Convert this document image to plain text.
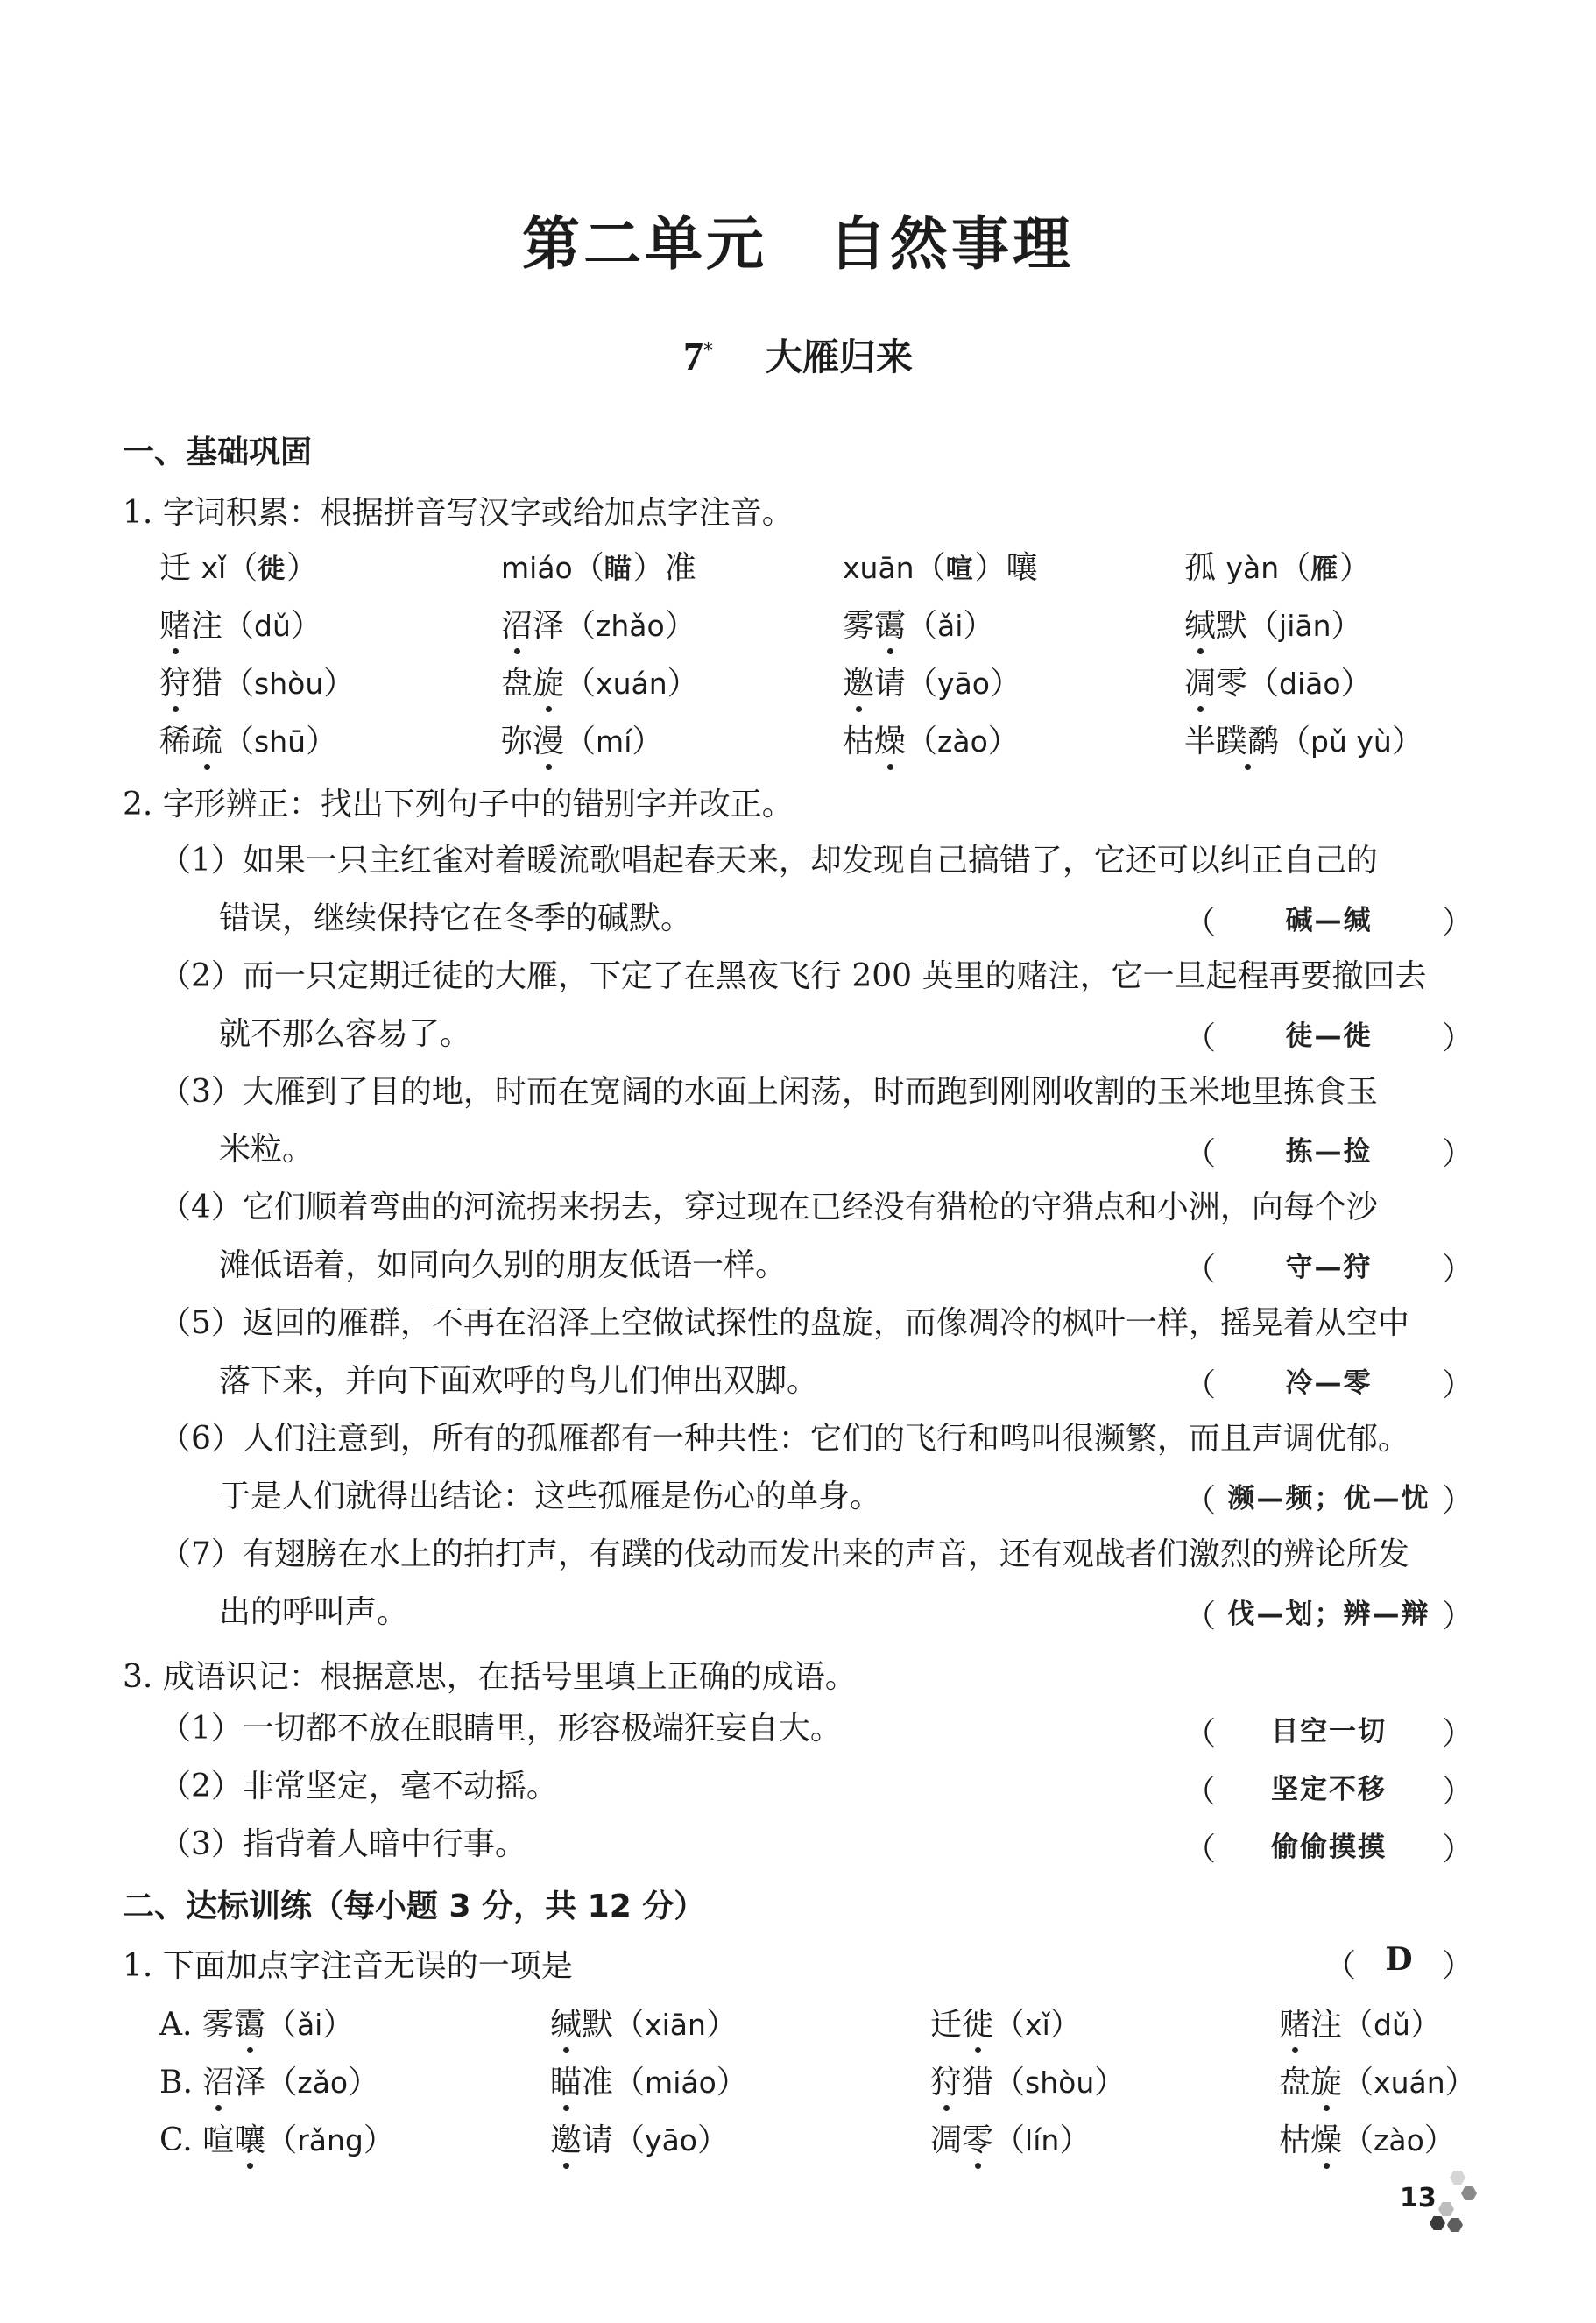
第二单元 自然事理
7* 大雁归来
一、基础巩固
1. 字词积累：根据拼音写汉字或给加点字注音。
迁 xǐ（徙）	miáo（瞄）准	xuān（喧）嚷	孤 yàn（雁）
赌注（dǔ）	沼泽（zhǎo）	雾霭（ǎi）	缄默（jiān）
狩猎（shòu）	盘旋（xuán）	邀请（yāo）	凋零（diāo）
稀疏（shū）	弥漫（mí）	枯燥（zào）	半蹼鹬（pǔ yù）
2. 字形辨正：找出下列句子中的错别字并改正。
（1）如果一只主红雀对着暖流歌唱起春天来，却发现自己搞错了，它还可以纠正自己的
错误，继续保持它在冬季的碱默。	（	碱—缄	）
（2）而一只定期迁徒的大雁，下定了在黑夜飞行 200 英里的赌注，它一旦起程再要撤回去
就不那么容易了。	（	徒—徙	）
（3）大雁到了目的地，时而在宽阔的水面上闲荡，时而跑到刚刚收割的玉米地里拣食玉
米粒。	（	拣—捡	）
（4）它们顺着弯曲的河流拐来拐去，穿过现在已经没有猎枪的守猎点和小洲，向每个沙
滩低语着，如同向久别的朋友低语一样。	（	守—狩	）
（5）返回的雁群，不再在沼泽上空做试探性的盘旋，而像凋冷的枫叶一样，摇晃着从空中
落下来，并向下面欢呼的鸟儿们伸出双脚。	（	冷—零	）
（6）人们注意到，所有的孤雁都有一种共性：它们的飞行和鸣叫很濒繁，而且声调优郁。
于是人们就得出结论：这些孤雁是伤心的单身。	（ 濒—频；优—忧 ）
（7）有翅膀在水上的拍打声，有蹼的伐动而发出来的声音，还有观战者们激烈的辨论所发
出的呼叫声。	（ 伐—划；辨—辩 ）
3. 成语识记：根据意思，在括号里填上正确的成语。
（1）一切都不放在眼睛里，形容极端狂妄自大。	（	目空一切	）
（2）非常坚定，毫不动摇。	（	坚定不移	）
（3）指背着人暗中行事。	（	偷偷摸摸	）
二、达标训练（每小题 3 分，共 12 分）
1. 下面加点字注音无误的一项是	（ D ）
A. 雾霭（ǎi）	缄默（xiān）	迁徙（xǐ）	赌注（dǔ）
B. 沼泽（zǎo）	瞄准（miáo）	狩猎（shòu）	盘旋（xuán）
C. 喧嚷（rǎng）	邀请（yāo）	凋零（lín）	枯燥（zào）
13
